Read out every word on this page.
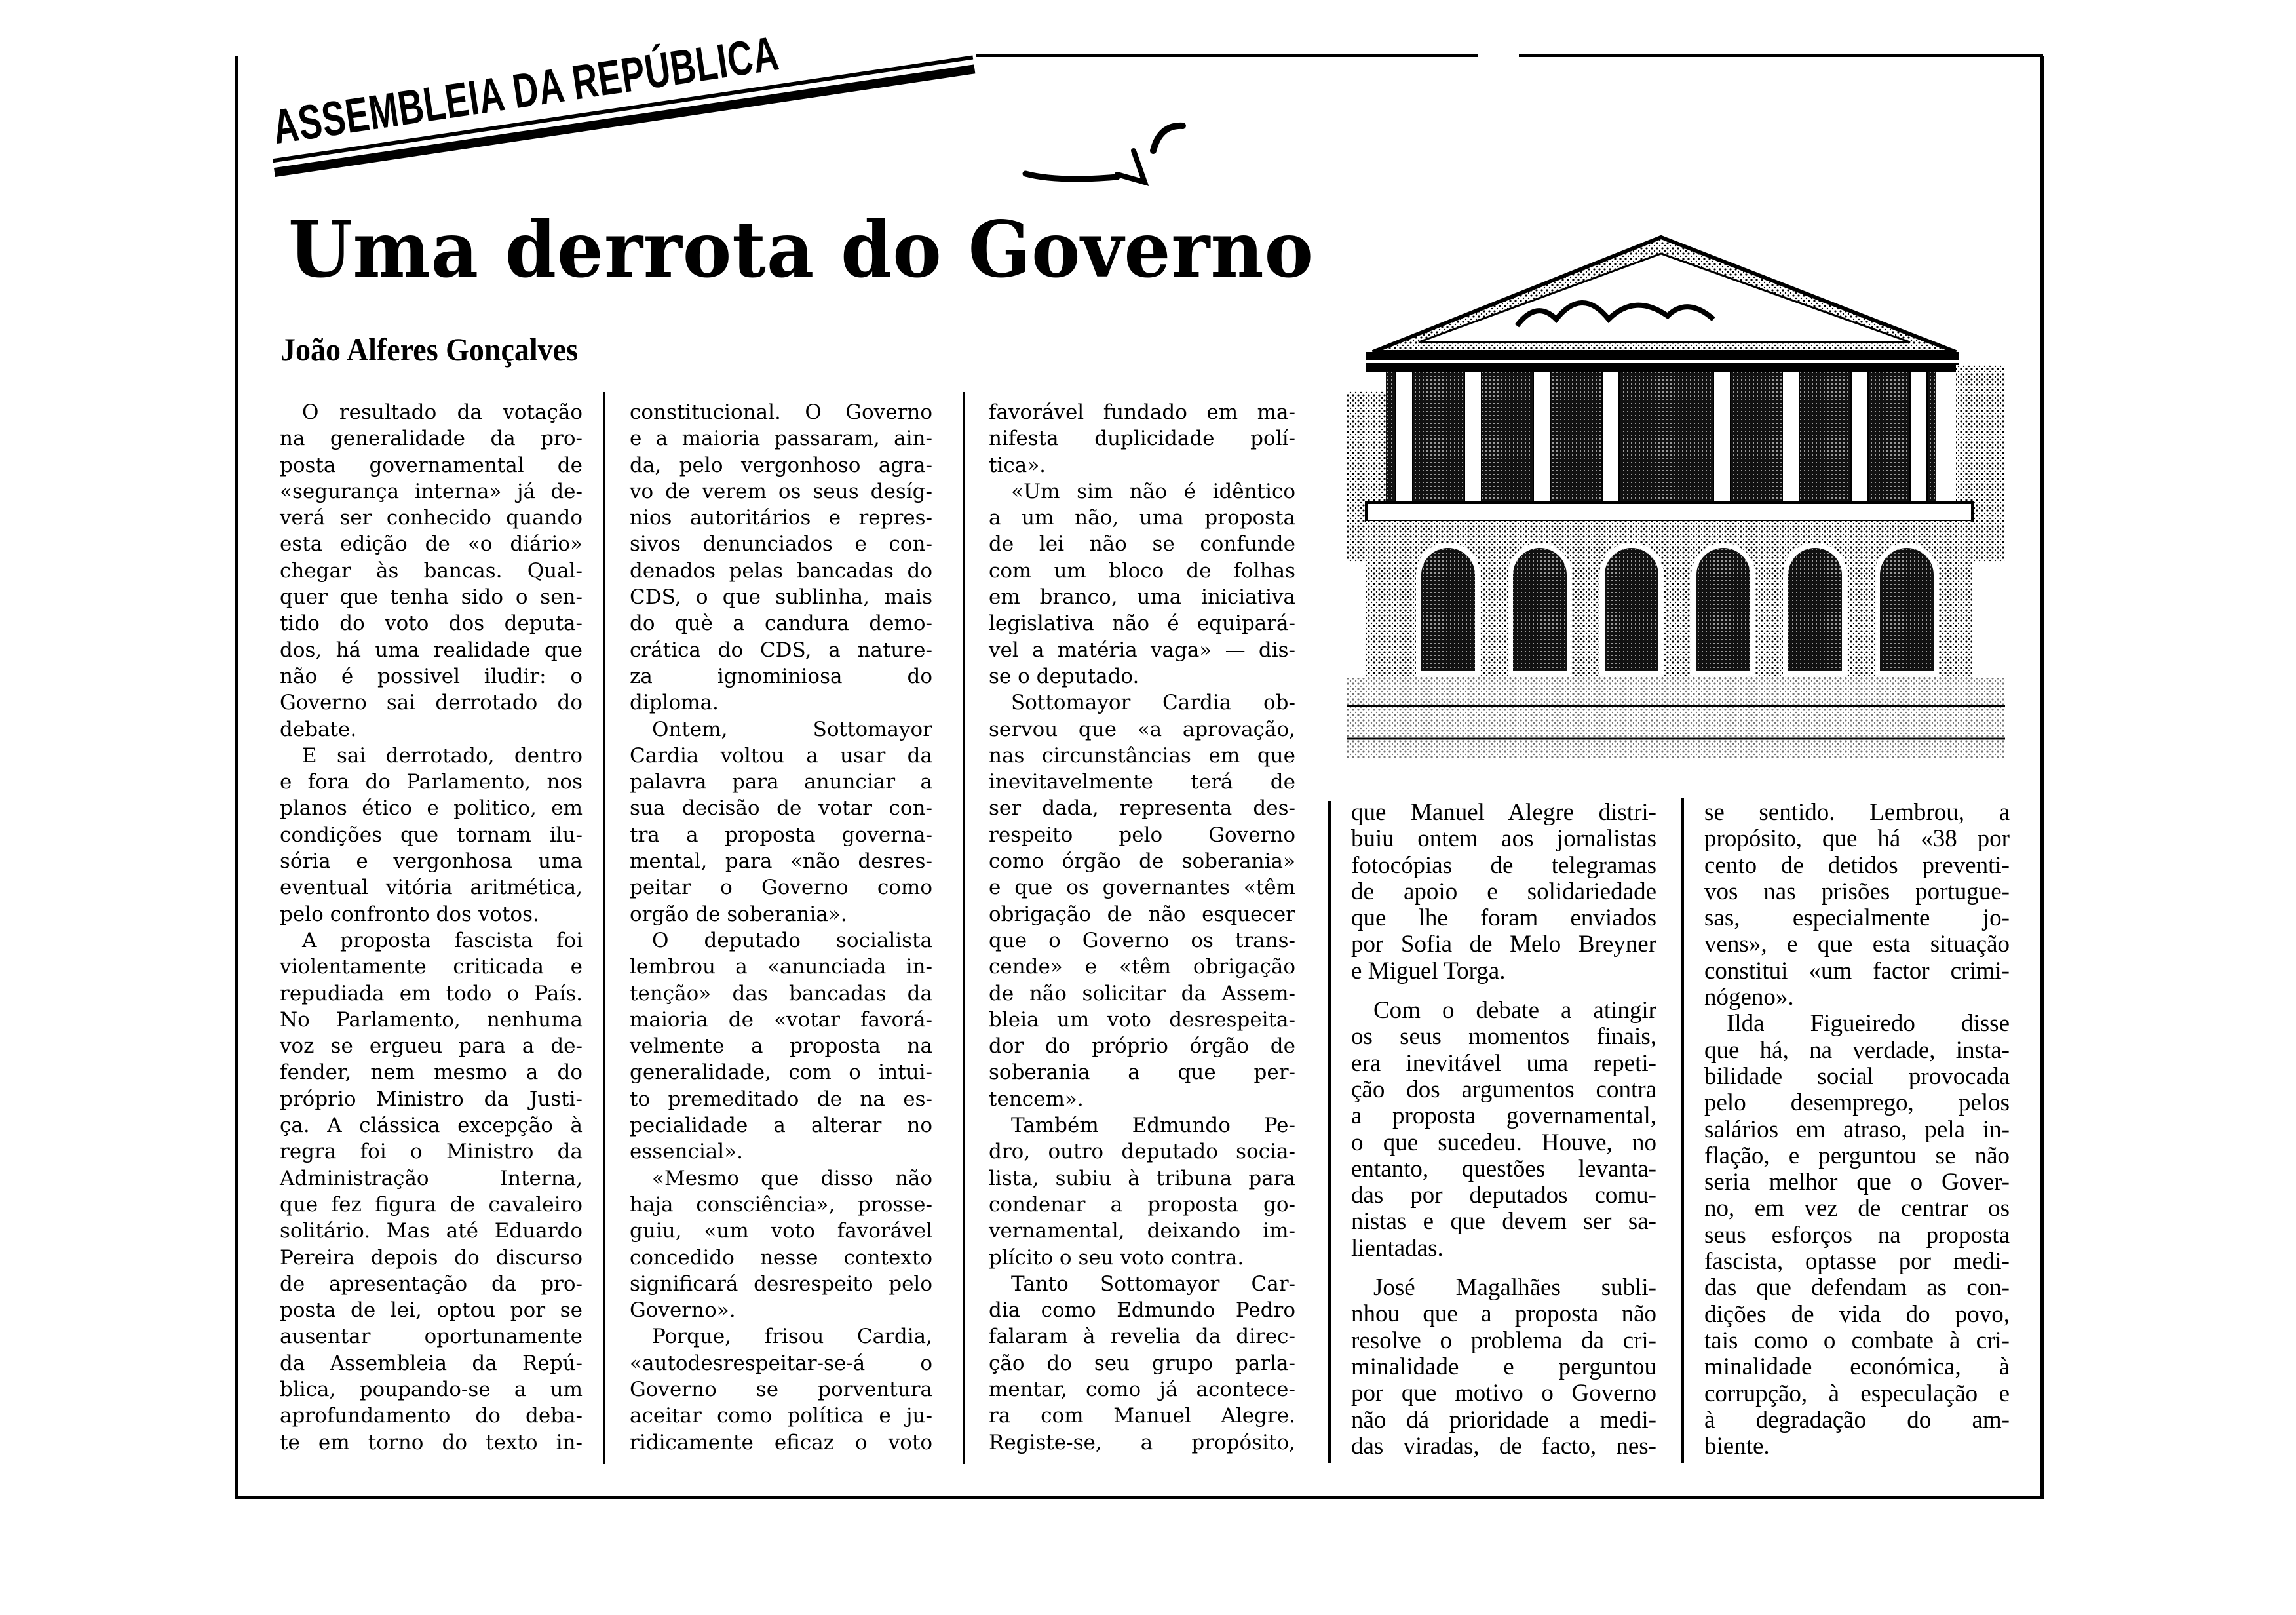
ASSEMBLEIA DA REPÚBLICA
Uma derrota do Governo
João Alferes Gonçalves
O resultado da votação
na generalidade da pro-
posta governamental de
«segurança interna» já de-
verá ser conhecido quando
esta edição de «o diário»
chegar às bancas. Qual-
quer que tenha sido o sen-
tido do voto dos deputa-
dos, há uma realidade que
não é possivel iludir: o
Governo sai derrotado do
debate.
E sai derrotado, dentro
e fora do Parlamento, nos
planos ético e politico, em
condições que tornam ilu-
sória e vergonhosa uma
eventual vitória aritmética,
pelo confronto dos votos.
A proposta fascista foi
violentamente criticada e
repudiada em todo o País.
No Parlamento, nenhuma
voz se ergueu para a de-
fender, nem mesmo a do
próprio Ministro da Justi-
ça. A clássica excepção à
regra foi o Ministro da
Administração Interna,
que fez figura de cavaleiro
solitário. Mas até Eduardo
Pereira depois do discurso
de apresentação da pro-
posta de lei, optou por se
ausentar oportunamente
da Assembleia da Repú-
blica, poupando-se a um
aprofundamento do deba-
te em torno do texto in-
constitucional. O Governo
e a maioria passaram, ain-
da, pelo vergonhoso agra-
vo de verem os seus desíg-
nios autoritários e repres-
sivos denunciados e con-
denados pelas bancadas do
CDS, o que sublinha, mais
do què a candura demo-
crática do CDS, a nature-
za ignominiosa do
diploma.
Ontem, Sottomayor
Cardia voltou a usar da
palavra para anunciar a
sua decisão de votar con-
tra a proposta governa-
mental, para «não desres-
peitar o Governo como
orgão de soberania».
O deputado socialista
lembrou a «anunciada in-
tenção» das bancadas da
maioria de «votar favorá-
velmente a proposta na
generalidade, com o intui-
to premeditado de na es-
pecialidade a alterar no
essencial».
«Mesmo que disso não
haja consciência», prosse-
guiu, «um voto favorável
concedido nesse contexto
significará desrespeito pelo
Governo».
Porque, frisou Cardia,
«autodesrespeitar-se-á o
Governo se porventura
aceitar como política e ju-
ridicamente eficaz o voto
favorável fundado em ma-
nifesta duplicidade polí-
tica».
«Um sim não é idêntico
a um não, uma proposta
de lei não se confunde
com um bloco de folhas
em branco, uma iniciativa
legislativa não é equipará-
vel a matéria vaga» — dis-
se o deputado.
Sottomayor Cardia ob-
servou que «a aprovação,
nas circunstâncias em que
inevitavelmente terá de
ser dada, representa des-
respeito pelo Governo
como órgão de soberania»
e que os governantes «têm
obrigação de não esquecer
que o Governo os trans-
cende» e «têm obrigação
de não solicitar da Assem-
bleia um voto desrespeita-
dor do próprio órgão de
soberania a que per-
tencem».
Também Edmundo Pe-
dro, outro deputado socia-
lista, subiu à tribuna para
condenar a proposta go-
vernamental, deixando im-
plícito o seu voto contra.
Tanto Sottomayor Car-
dia como Edmundo Pedro
falaram à revelia da direc-
ção do seu grupo parla-
mentar, como já acontece-
ra com Manuel Alegre.
Registe-se, a propósito,
que Manuel Alegre distri-
buiu ontem aos jornalistas
fotocópias de telegramas
de apoio e solidariedade
que lhe foram enviados
por Sofia de Melo Breyner
e Miguel Torga.
Com o debate a atingir
os seus momentos finais,
era inevitável uma repeti-
ção dos argumentos contra
a proposta governamental,
o que sucedeu. Houve, no
entanto, questões levanta-
das por deputados comu-
nistas e que devem ser sa-
lientadas.
José Magalhães subli-
nhou que a proposta não
resolve o problema da cri-
minalidade e perguntou
por que motivo o Governo
não dá prioridade a medi-
das viradas, de facto, nes-
se sentido. Lembrou, a
propósito, que há «38 por
cento de detidos preventi-
vos nas prisões portugue-
sas, especialmente jo-
vens», e que esta situação
constitui «um factor crimi-
nógeno».
Ilda Figueiredo disse
que há, na verdade, insta-
bilidade social provocada
pelo desemprego, pelos
salários em atraso, pela in-
flação, e perguntou se não
seria melhor que o Gover-
no, em vez de centrar os
seus esforços na proposta
fascista, optasse por medi-
das que defendam as con-
dições de vida do povo,
tais como o combate à cri-
minalidade económica, à
corrupção, à especulação e
à degradação do am-
biente.
